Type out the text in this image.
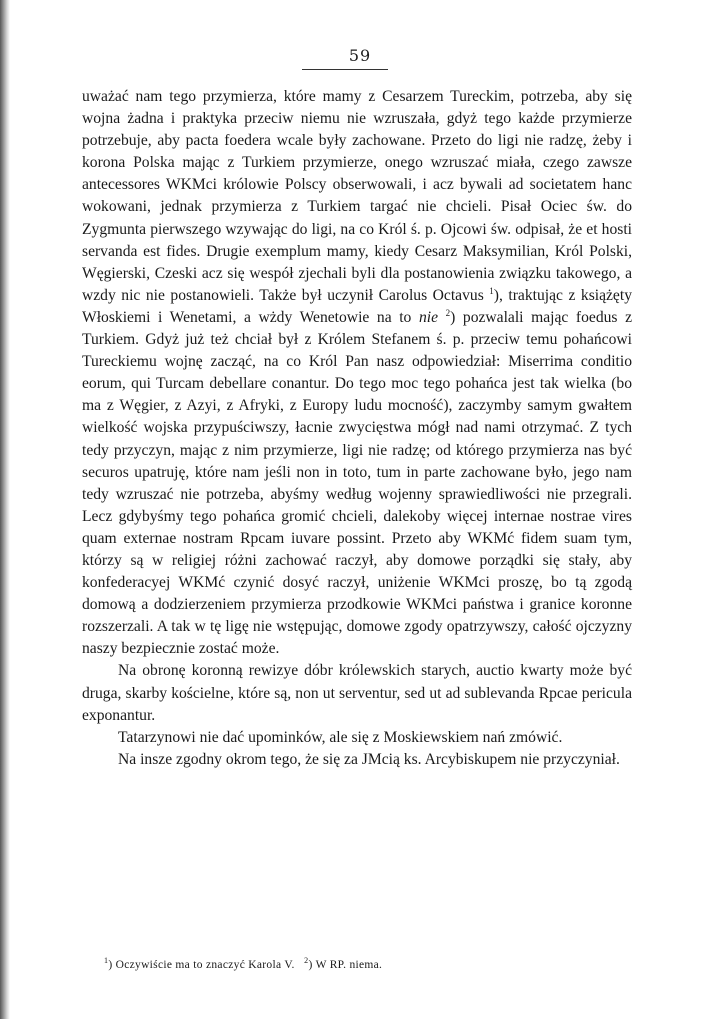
59

uważać nam tego przymierza, które mamy z Cesarzem Tureckim, potrzeba, aby się wojna żadna i praktyka przeciw niemu nie wzruszała, gdyż tego każde przymierze potrzebuje, aby pacta foedera wcale były zachowane. Przeto do ligi nie radzę, żeby i korona Polska mając z Turkiem przymierze, onego wzruszać miała, czego zawsze antecessores WKMci królowie Polscy obserwowali, i acz bywali ad societatem hanc wokowani, jednak przymierza z Turkiem targać nie chcieli. Pisał Ociec św. do Zygmunta pierwszego wzywając do ligi, na co Król ś. p. Ojcowi św. odpisał, że et hosti servanda est fides. Drugie exemplum mamy, kiedy Cesarz Maksymilian, Król Polski, Węgierski, Czeski acz się wespół zjechali byli dla postanowienia związku takowego, a wzdy nic nie postanowieli. Także był uczynił Carolus Octavus $^1$), traktując z książęty Włoskiemi i Wenetami, a wżdy Wenetowie na to nie $^2$) pozwalali mając foedus z Turkiem. Gdyż już też chciał był z Królem Stefanem ś. p. przeciw temu pohańcowi Tureckiemu wojnę zacząć, na co Król Pan nasz odpowiedział: Miserrima conditio eorum, qui Turcam debellare conantur. Do tego moc tego pohańca jest tak wielka (bo ma z Węgier, z Azyi, z Afryki, z Europy ludu mocność), zaczymby samym gwałtem wielkość wojska przypuściwszy, łacnie zwycięstwa mógł nad nami otrzymać. Z tych tedy przyczyn, mając z nim przymierze, ligi nie radzę; od którego przymierza nas być securos upatruję, które nam jeśli non in toto, tum in parte zachowane było, jego nam tedy wzruszać nie potrzeba, abyśmy według wojenny sprawiedliwości nie przegrali. Lecz gdybyśmy tego pohańca gromić chcieli, dalekoby więcej internae nostrae vires quam externae nostram Rpcam iuvare possint. Przeto aby WKMć fidem suam tym, którzy są w religiej różni zachować raczył, aby domowe porządki się stały, aby konfederacyej WKMć czynić dosyć raczył, uniżenie WKMci proszę, bo tą zgodą domową a dodzierzeniem przymierza przodkowie WKMci państwa i granice koronne rozszerzali. A tak w tę ligę nie wstępując, domowe zgody opatrzywszy, całość ojczyzny naszy bezpiecznie zostać może.

Na obronę koronną rewizye dóbr królewskich starych, auctio kwarty może być druga, skarby kościelne, które są, non ut serventur, sed ut ad sublevanda Rpcae pericula exponantur.

Tatarzynowi nie dać upominków, ale się z Moskiewskiem nań zmówić.

Na insze zgodny okrom tego, że się za JMcią ks. Arcybiskupem nie przyczyniał.

$^1$) Oczywiście ma to znaczyć Karola V. $^2$) W RP. niema.
